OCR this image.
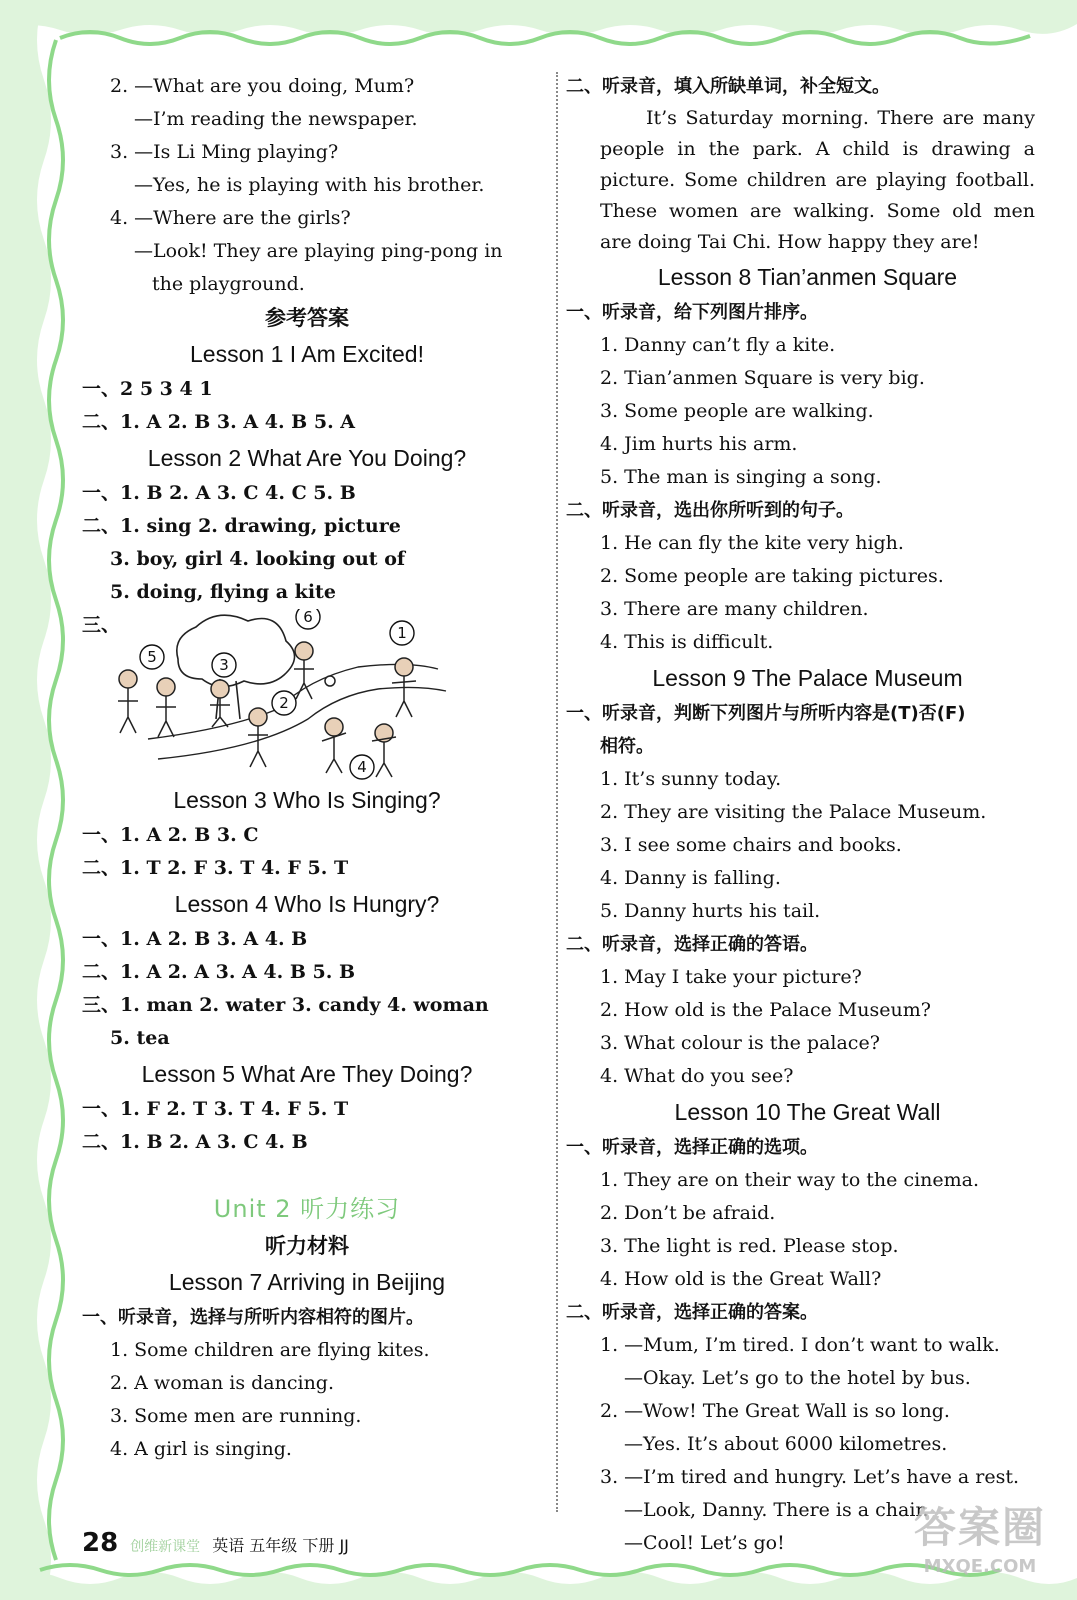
2. —What are you doing, Mum?
—I’m reading the newspaper.
3. —Is Li Ming playing?
—Yes, he is playing with his brother.
4. —Where are the girls?
—Look! They are playing ping-pong in
the playground.
参考答案
Lesson 1 I Am Excited!
一、2 5 3 4 1
二、1. A 2. B 3. A 4. B 5. A
Lesson 2 What Are You Doing?
一、1. B 2. A 3. C 4. C 5. B
二、1. sing 2. drawing, picture
3. boy, girl 4. looking out of
5. doing, flying a kite
三、	1
2
3
4
5
6
Lesson 3 Who Is Singing?
一、1. A 2. B 3. C
二、1. T 2. F 3. T 4. F 5. T
Lesson 4 Who Is Hungry?
一、1. A 2. B 3. A 4. B
二、1. A 2. A 3. A 4. B 5. B
三、1. man 2. water 3. candy 4. woman
5. tea
Lesson 5 What Are They Doing?
一、1. F 2. T 3. T 4. F 5. T
二、1. B 2. A 3. C 4. B
Unit 2 听力练习
听力材料
Lesson 7 Arriving in Beijing
一、听录音，选择与所听内容相符的图片。
1. Some children are flying kites.
2. A woman is dancing.
3. Some men are running.
4. A girl is singing.
二、听录音，填入所缺单词，补全短文。
It’s Saturday morning. There are many people in the park. A child is drawing a picture. Some children are playing football. These women are walking. Some old men are doing Tai Chi. How happy they are!
Lesson 8 Tian’anmen Square
一、听录音，给下列图片排序。
1. Danny can’t fly a kite.
2. Tian’anmen Square is very big.
3. Some people are walking.
4. Jim hurts his arm.
5. The man is singing a song.
二、听录音，选出你所听到的句子。
1. He can fly the kite very high.
2. Some people are taking pictures.
3. There are many children.
4. This is difficult.
Lesson 9 The Palace Museum
一、听录音，判断下列图片与所听内容是(T)否(F)
相符。
1. It’s sunny today.
2. They are visiting the Palace Museum.
3. I see some chairs and books.
4. Danny is falling.
5. Danny hurts his tail.
二、听录音，选择正确的答语。
1. May I take your picture?
2. How old is the Palace Museum?
3. What colour is the palace?
4. What do you see?
Lesson 10 The Great Wall
一、听录音，选择正确的选项。
1. They are on their way to the cinema.
2. Don’t be afraid.
3. The light is red. Please stop.
4. How old is the Great Wall?
二、听录音，选择正确的答案。
1. —Mum, I’m tired. I don’t want to walk.
—Okay. Let’s go to the hotel by bus.
2. —Wow! The Great Wall is so long.
—Yes. It’s about 6000 kilometres.
3. —I’m tired and hungry. Let’s have a rest.
—Look, Danny. There is a chair.
—Cool! Let’s go!
28 创维新课堂 英语 五年级 下册 JJ	答案圈
MXQE.COM
